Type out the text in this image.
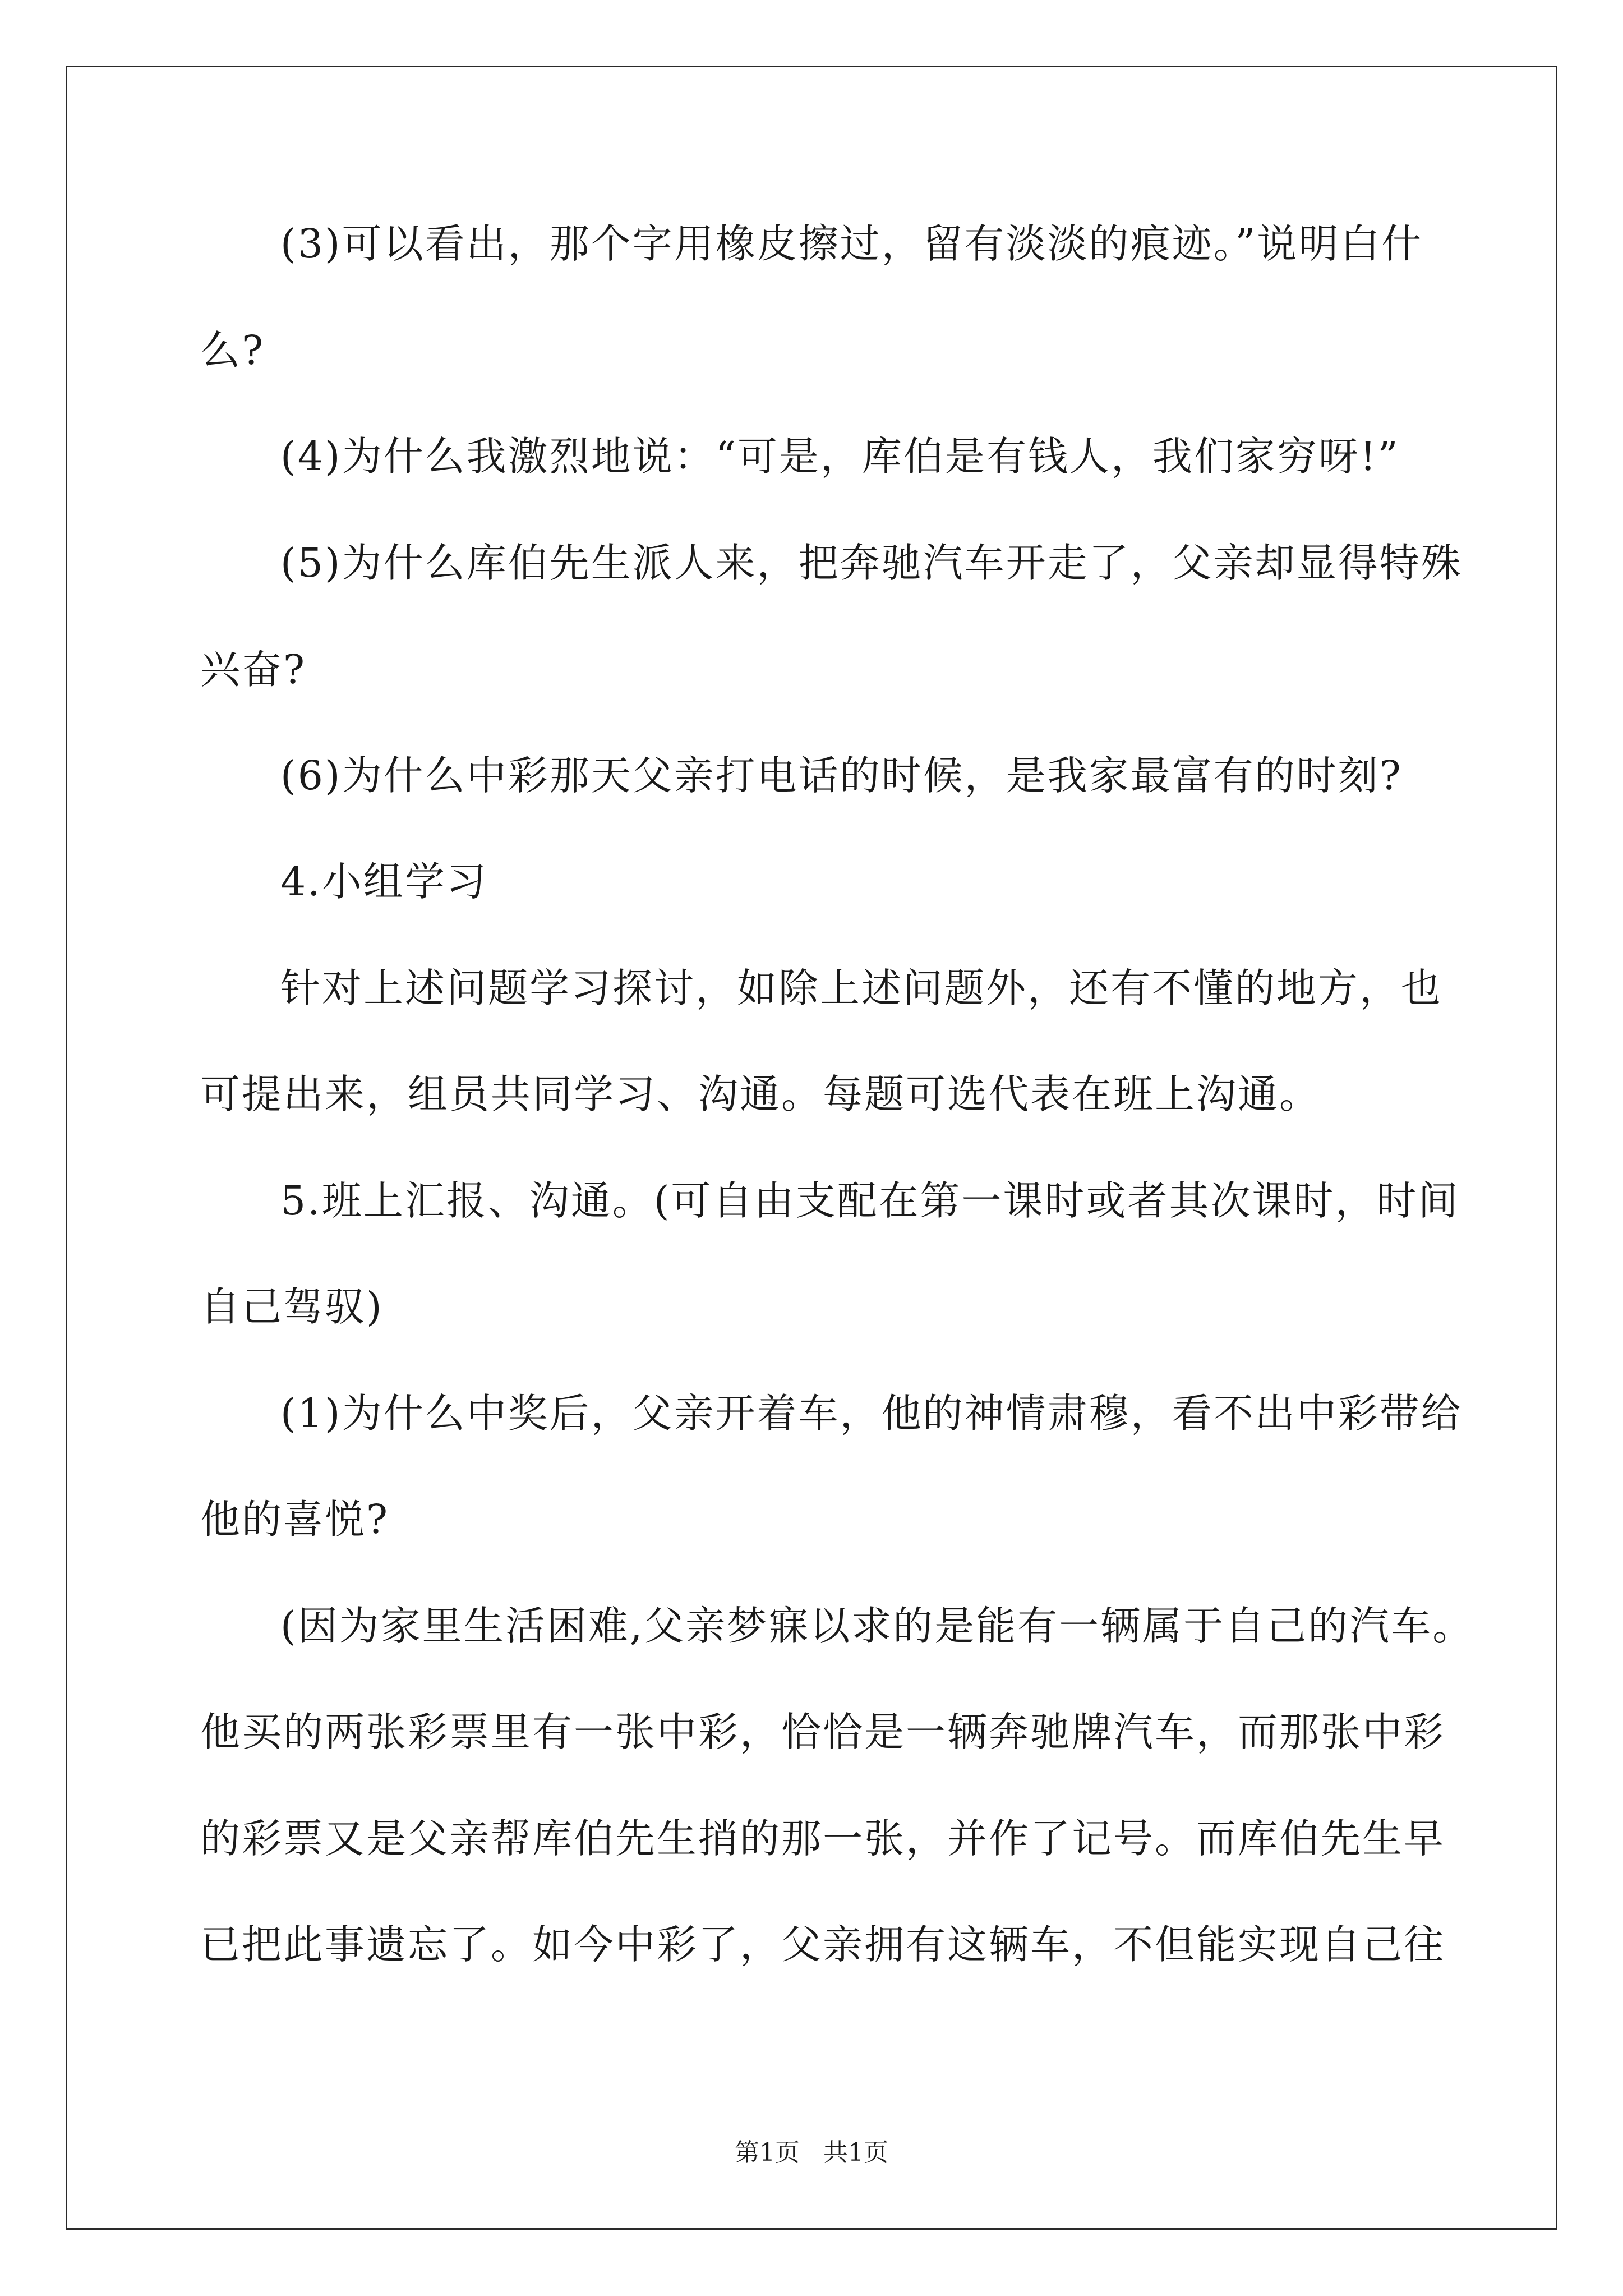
(3)可以看出，那个字用橡皮擦过，留有淡淡的痕迹。”说明白什
么?
(4)为什么我激烈地说：“可是，库伯是有钱人，我们家穷呀!”
(5)为什么库伯先生派人来，把奔驰汽车开走了，父亲却显得特殊
兴奋?
(6)为什么中彩那天父亲打电话的时候，是我家最富有的时刻?
4.小组学习
针对上述问题学习探讨，如除上述问题外，还有不懂的地方，也
可提出来，组员共同学习、沟通。每题可选代表在班上沟通。
5.班上汇报、沟通。(可自由支配在第一课时或者其次课时，时间
自己驾驭)
(1)为什么中奖后，父亲开着车，他的神情肃穆，看不出中彩带给
他的喜悦?
(因为家里生活困难,父亲梦寐以求的是能有一辆属于自己的汽车。
他买的两张彩票里有一张中彩，恰恰是一辆奔驰牌汽车，而那张中彩
的彩票又是父亲帮库伯先生捎的那一张，并作了记号。而库伯先生早
已把此事遗忘了。如今中彩了，父亲拥有这辆车，不但能实现自己往
第1页   共1页
